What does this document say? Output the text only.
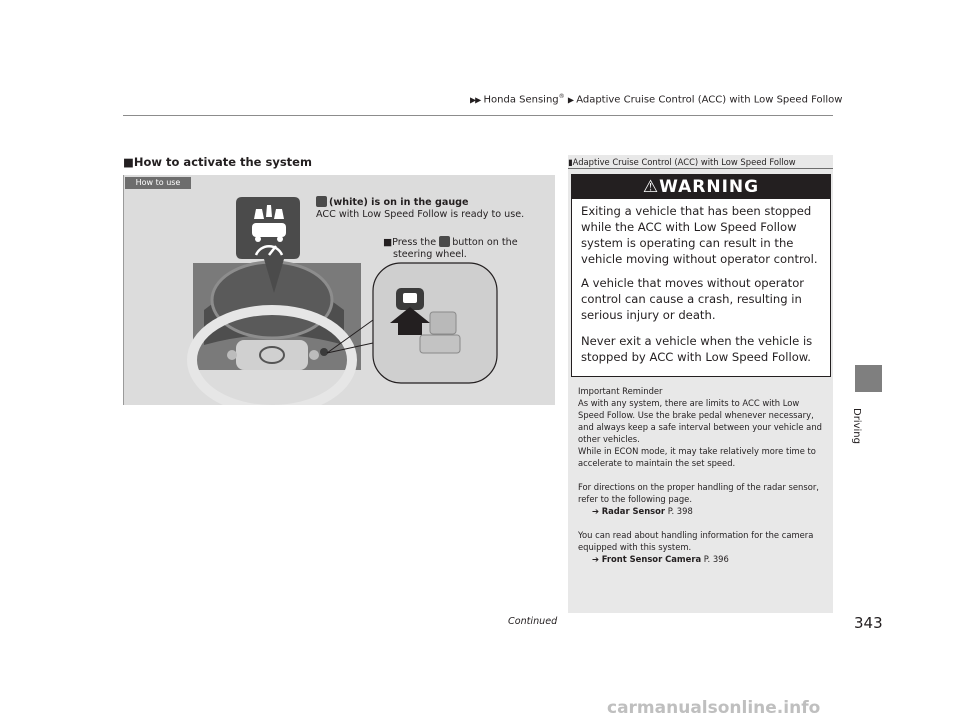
▶▶ Honda Sensing® ▶ Adaptive Cruise Control (ACC) with Low Speed Follow
Driving
■How to activate the system
How to use
(white) is on in the gauge
ACC with Low Speed Follow is ready to use.
■Press the button on the
steering wheel.
▮Adaptive Cruise Control (ACC) with Low Speed Follow
⚠WARNING
Exiting a vehicle that has been stopped while the ACC with Low Speed Follow system is operating can result in the vehicle moving without operator control.
A vehicle that moves without operator control can cause a crash, resulting in serious injury or death.
Never exit a vehicle when the vehicle is stopped by ACC with Low Speed Follow.
Important Reminder
As with any system, there are limits to ACC with Low Speed Follow. Use the brake pedal whenever necessary, and always keep a safe interval between your vehicle and other vehicles.
While in ECON mode, it may take relatively more time to accelerate to maintain the set speed.
For directions on the proper handling of the radar sensor, refer to the following page.
➔ Radar Sensor P. 398
You can read about handling information for the camera equipped with this system.
➔ Front Sensor Camera P. 396
Continued	343
carmanualsonline.info
